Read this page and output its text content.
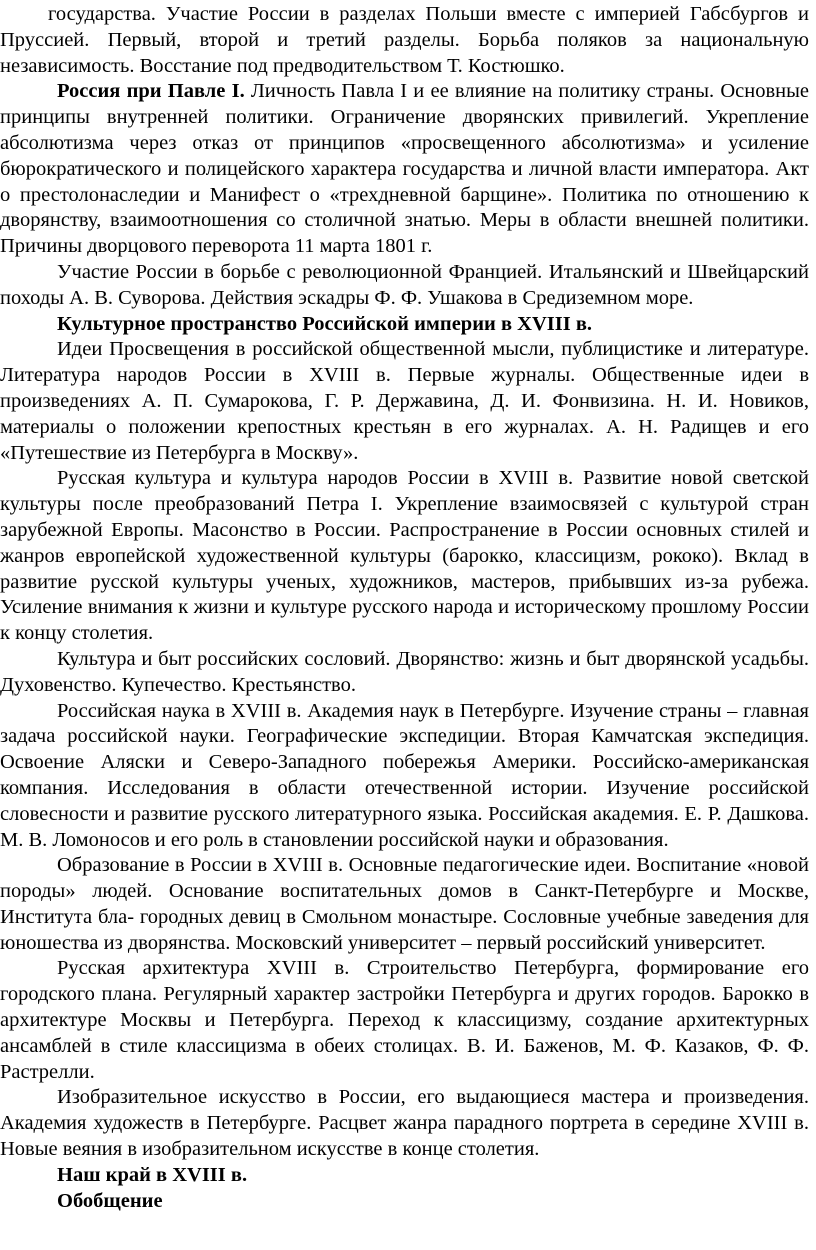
государства. Участие России в разделах Польши вместе с империей Габсбургов и Пруссией. Первый, второй и третий разделы. Борьба поляков за национальную независимость. Восстание под предводительством Т. Костюшко.

Россия при Павле I. Личность Павла I и ее влияние на политику страны. Основные принципы внутренней политики. Ограничение дворянских привилегий. Укрепление абсолютизма через отказ от принципов «просвещенного абсолютизма» и усиление бюрократического и полицейского характера государства и личной власти императора. Акт о престолонаследии и Манифест о «трехдневной барщине». Политика по отношению к дворянству, взаимоотношения со столичной знатью. Меры в области внешней политики. Причины дворцового переворота 11 марта 1801 г.

Участие России в борьбе с революционной Францией. Итальянский и Швейцарский походы А. В. Суворова. Действия эскадры Ф. Ф. Ушакова в Средиземном море.

Культурное пространство Российской империи в XVIII в.

Идеи Просвещения в российской общественной мысли, публицистике и литературе. Литература народов России в XVIII в. Первые журналы. Общественные идеи в произведениях А. П. Сумарокова, Г. Р. Державина, Д. И. Фонвизина. Н. И. Новиков, материалы о положении крепостных крестьян в его журналах. А. Н. Радищев и его «Путешествие из Петербурга в Москву».

Русская культура и культура народов России в XVIII в. Развитие новой светской культуры после преобразований Петра I. Укрепление взаимосвязей с культурой стран зарубежной Европы. Масонство в России. Распространение в России основных стилей и жанров европейской художественной культуры (барокко, классицизм, рококо). Вклад в развитие русской культуры ученых, художников, мастеров, прибывших из-за рубежа. Усиление внимания к жизни и культуре русского народа и историческому прошлому России к концу столетия.

Культура и быт российских сословий. Дворянство: жизнь и быт дворянской усадьбы. Духовенство. Купечество. Крестьянство.

Российская наука в XVIII в. Академия наук в Петербурге. Изучение страны – главная задача российской науки. Географические экспедиции. Вторая Камчатская экспедиция. Освоение Аляски и Северо-Западного побережья Америки. Российско-американская компания. Исследования в области отечественной истории. Изучение российской словесности и развитие русского литературного языка. Российская академия. Е. Р. Дашкова. М. В. Ломоносов и его роль в становлении российской науки и образования.

Образование в России в XVIII в. Основные педагогические идеи. Воспитание «новой породы» людей. Основание воспитательных домов в Санкт-Петербурге и Москве, Института бла- городных девиц в Смольном монастыре. Сословные учебные заведения для юношества из дворянства. Московский университет – первый российский университет.

Русская архитектура XVIII в. Строительство Петербурга, формирование его городского плана. Регулярный характер застройки Петербурга и других городов. Барокко в архитектуре Москвы и Петербурга. Переход к классицизму, создание архитектурных ансамблей в стиле классицизма в обеих столицах. В. И. Баженов, М. Ф. Казаков, Ф. Ф. Растрелли.

Изобразительное искусство в России, его выдающиеся мастера и произведения. Академия художеств в Петербурге. Расцвет жанра парадного портрета в середине XVIII в. Новые веяния в изобразительном искусстве в конце столетия.

Наш край в XVIII в.

Обобщение
